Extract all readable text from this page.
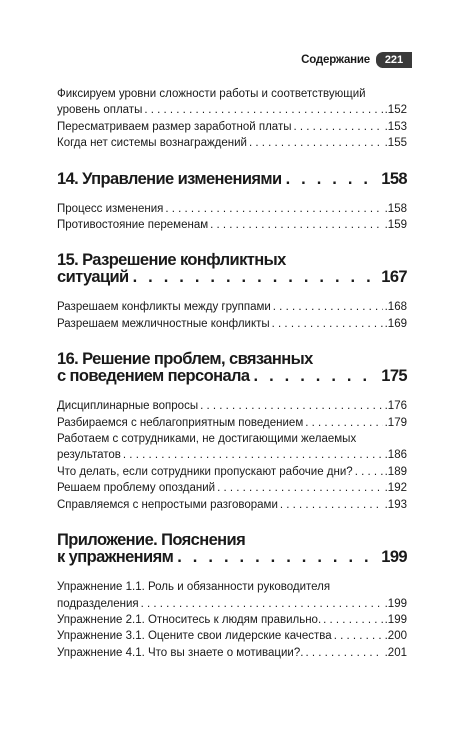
Содержание	221
Фиксируем уровни сложности работы и соответствующий
уровень оплаты . . .	.152
Пересматриваем размер заработной платы . . .	.153
Когда нет системы вознаграждений . . .	.155
14. Управление изменениями . . .	158
Процесс изменения . . .	.158
Противостояние переменам . . .	.159
15. Разрешение конфликтных
ситуаций . . .	167
Разрешаем конфликты между группами . . .	.168
Разрешаем межличностные конфликты . . .	.169
16. Решение проблем, связанных
с поведением персонала . . .	175
Дисциплинарные вопросы . . .	.176
Разбираемся с неблагоприятным поведением . . .	.179
Работаем с сотрудниками, не достигающими желаемых
результатов . . .	.186
Что делать, если сотрудники пропускают рабочие дни? . . .	.189
Решаем проблему опозданий . . .	.192
Справляемся с непростыми разговорами . . .	.193
Приложение. Пояснения
к упражнениям . . .	199
Упражнение 1.1. Роль и обязанности руководителя
подразделения . . .	.199
Упражнение 2.1. Относитесь к людям правильно. . . .	.199
Упражнение 3.1. Оцените свои лидерские качества . . .	.200
Упражнение 4.1. Что вы знаете о мотивации?. . . .	.201
